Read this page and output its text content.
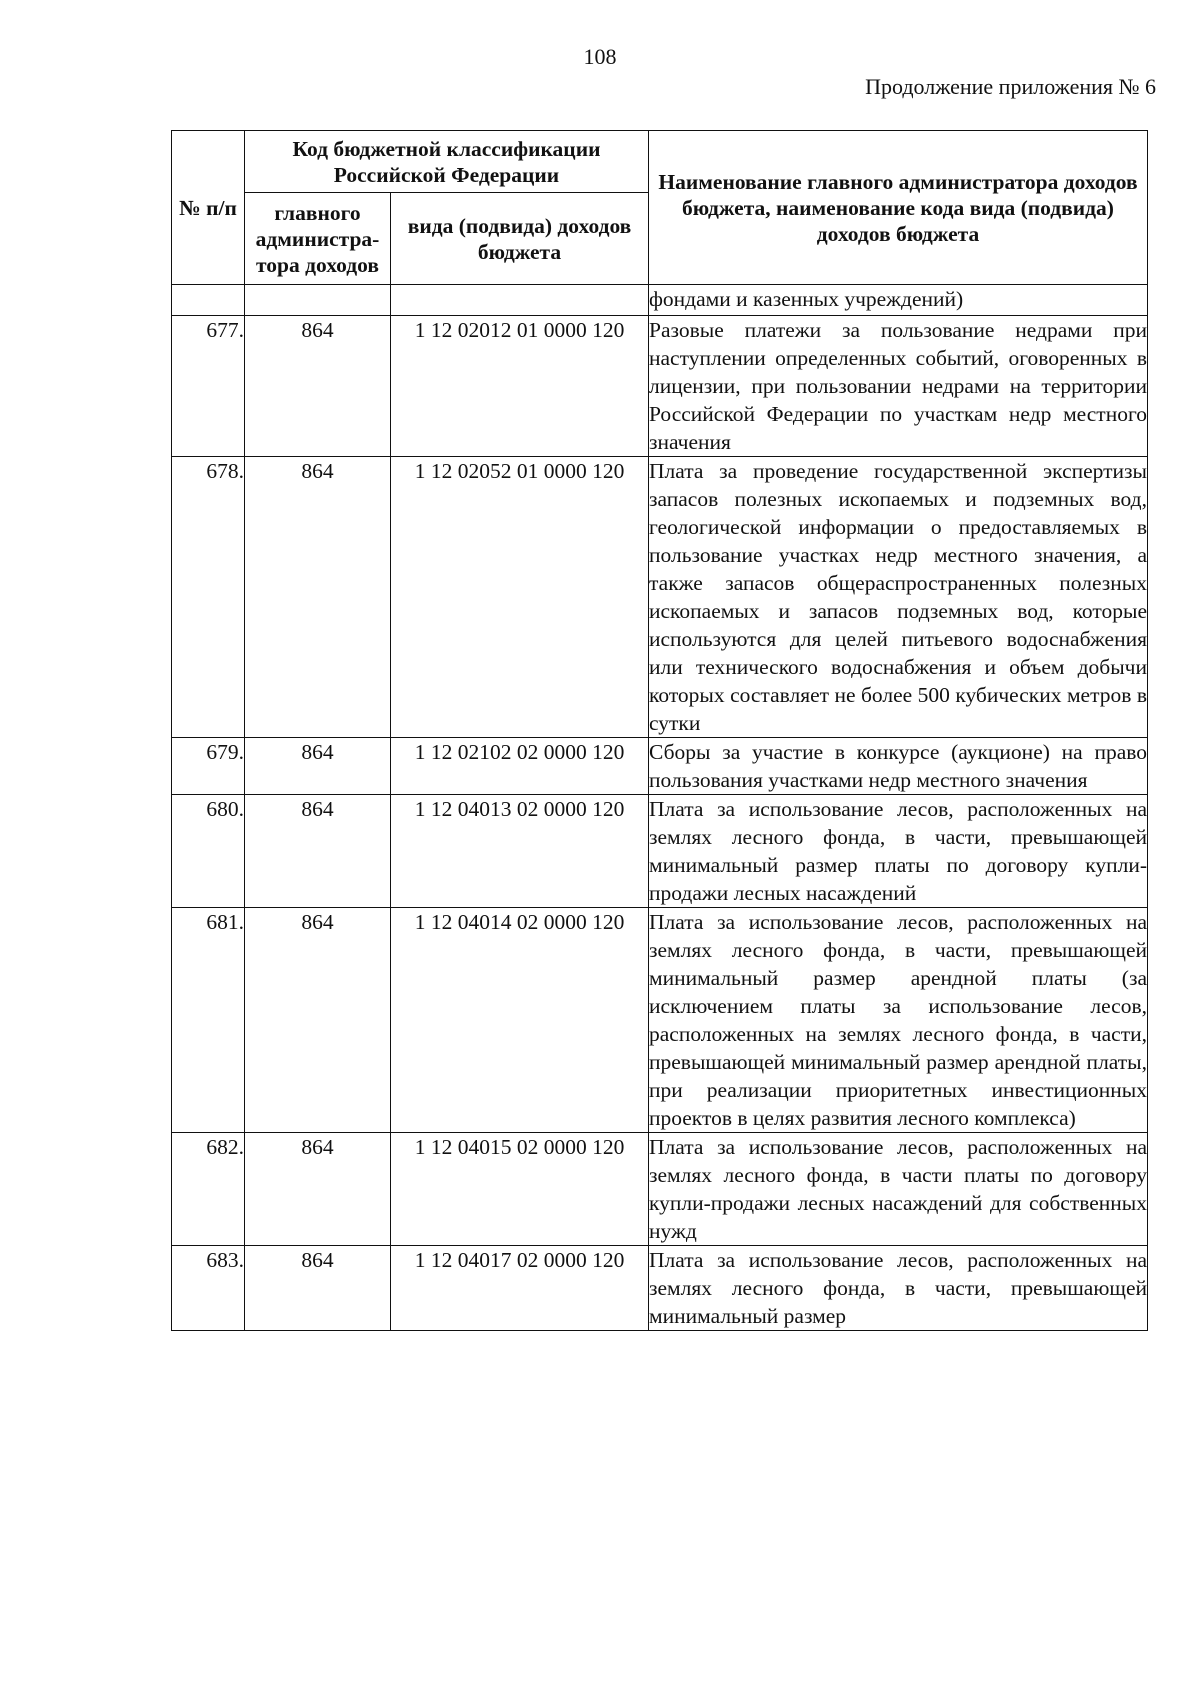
108
Продолжение приложения № 6
№ п/п	Код бюджетной классификации Российской Федерации		Наименование главного администратора доходов бюджета, наименование кода вида (подвида) доходов бюджета
	главного администра-тора доходов	вида (подвида) доходов бюджета	
			фондами и казенных учреждений)
677.	864	1 12 02012 01 0000 120	Разовые платежи за пользование недрами при наступлении определенных событий, оговоренных в лицензии, при пользовании недрами на территории Российской Федерации по участкам недр местного значения
678.	864	1 12 02052 01 0000 120	Плата за проведение государственной экспертизы запасов полезных ископаемых и подземных вод, геологической информации о предоставляемых в пользование участках недр местного значения, а также запасов общераспространенных полезных ископаемых и запасов подземных вод, которые используются для целей питьевого водоснабжения или технического водоснабжения и объем добычи которых составляет не более 500 кубических метров в сутки
679.	864	1 12 02102 02 0000 120	Сборы за участие в конкурсе (аукционе) на право пользования участками недр местного значения
680.	864	1 12 04013 02 0000 120	Плата за использование лесов, расположенных на землях лесного фонда, в части, превышающей минимальный размер платы по договору купли-продажи лесных насаждений
681.	864	1 12 04014 02 0000 120	Плата за использование лесов, расположенных на землях лесного фонда, в части, превышающей минимальный размер арендной платы (за исключением платы за использование лесов, расположенных на землях лесного фонда, в части, превышающей минимальный размер арендной платы, при реализации приоритетных инвестиционных проектов в целях развития лесного комплекса)
682.	864	1 12 04015 02 0000 120	Плата за использование лесов, расположенных на землях лесного фонда, в части платы по договору купли-продажи лесных насаждений для собственных нужд
683.	864	1 12 04017 02 0000 120	Плата за использование лесов, расположенных на землях лесного фонда, в части, превышающей минимальный размер
